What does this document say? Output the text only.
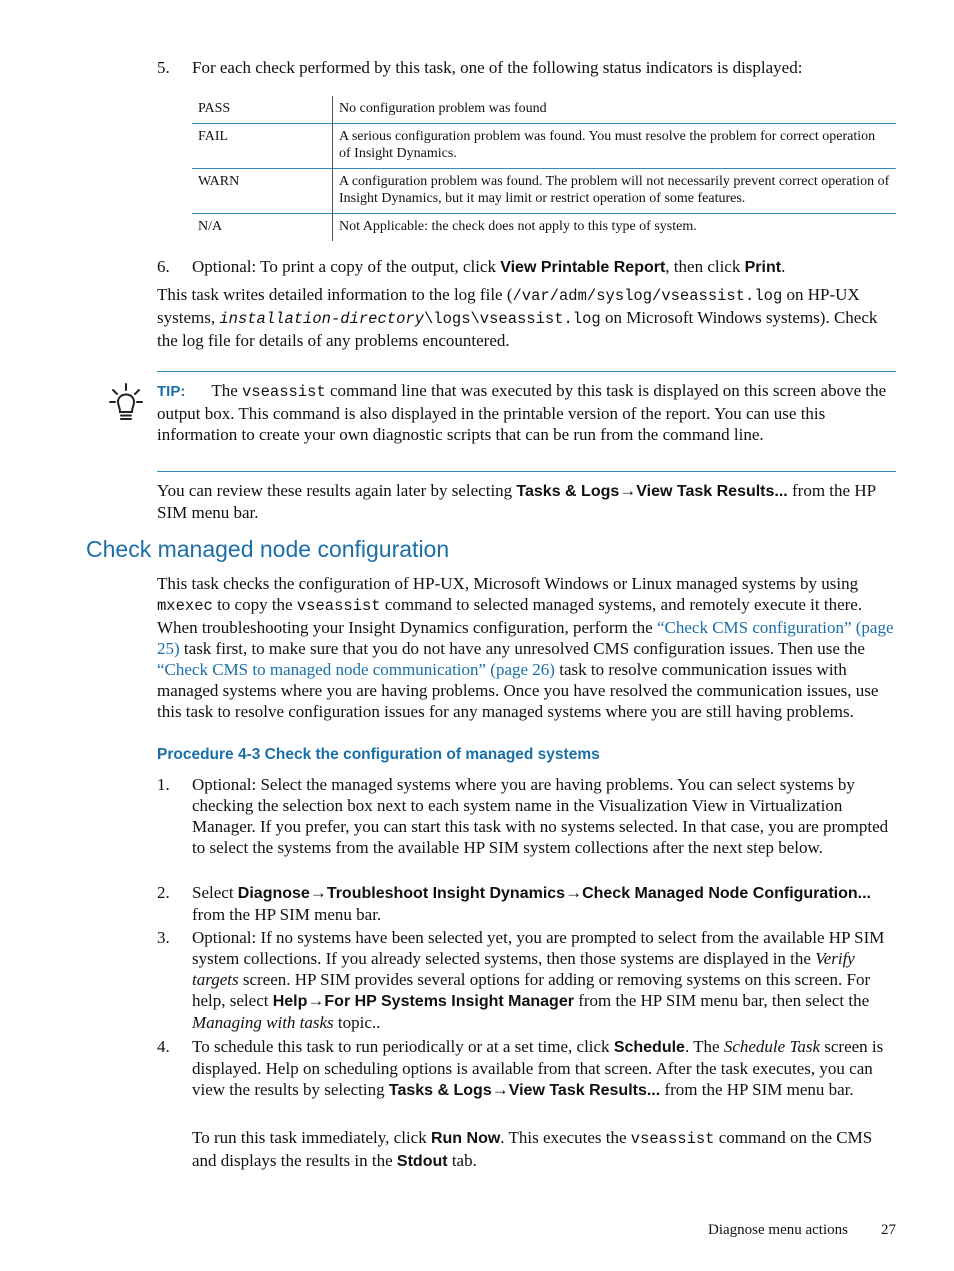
5. For each check performed by this task, one of the following status indicators is displayed:
PASS	No configuration problem was found
FAIL	A serious configuration problem was found. You must resolve the problem for correct operation of Insight Dynamics.
WARN	A configuration problem was found. The problem will not necessarily prevent correct operation of Insight Dynamics, but it may limit or restrict operation of some features.
N/A	Not Applicable: the check does not apply to this type of system.
6. Optional: To print a copy of the output, click View Printable Report, then click Print.
This task writes detailed information to the log file (/var/adm/syslog/vseassist.log on HP-UX systems, installation-directory\logs\vseassist.log on Microsoft Windows systems). Check the log file for details of any problems encountered.
TIP: The vseassist command line that was executed by this task is displayed on this screen above the output box. This command is also displayed in the printable version of the report. You can use this information to create your own diagnostic scripts that can be run from the command line.
You can review these results again later by selecting Tasks & Logs→View Task Results... from the HP SIM menu bar.
Check managed node configuration
This task checks the configuration of HP-UX, Microsoft Windows or Linux managed systems by using mxexec to copy the vseassist command to selected managed systems, and remotely execute it there. When troubleshooting your Insight Dynamics configuration, perform the “Check CMS configuration” (page 25) task first, to make sure that you do not have any unresolved CMS configuration issues. Then use the “Check CMS to managed node communication” (page 26) task to resolve communication issues with managed systems where you are having problems. Once you have resolved the communication issues, use this task to resolve configuration issues for any managed systems where you are still having problems.
Procedure 4-3 Check the configuration of managed systems
1. Optional: Select the managed systems where you are having problems. You can select systems by checking the selection box next to each system name in the Visualization View in Virtualization Manager. If you prefer, you can start this task with no systems selected. In that case, you are prompted to select the systems from the available HP SIM system collections after the next step below.
2. Select Diagnose→Troubleshoot Insight Dynamics→Check Managed Node Configuration... from the HP SIM menu bar.
3. Optional: If no systems have been selected yet, you are prompted to select from the available HP SIM system collections. If you already selected systems, then those systems are displayed in the Verify targets screen. HP SIM provides several options for adding or removing systems on this screen. For help, select Help→For HP Systems Insight Manager from the HP SIM menu bar, then select the Managing with tasks topic..
4. To schedule this task to run periodically or at a set time, click Schedule. The Schedule Task screen is displayed. Help on scheduling options is available from that screen. After the task executes, you can view the results by selecting Tasks & Logs→View Task Results... from the HP SIM menu bar.
To run this task immediately, click Run Now. This executes the vseassist command on the CMS and displays the results in the Stdout tab.
Diagnose menu actions 27
